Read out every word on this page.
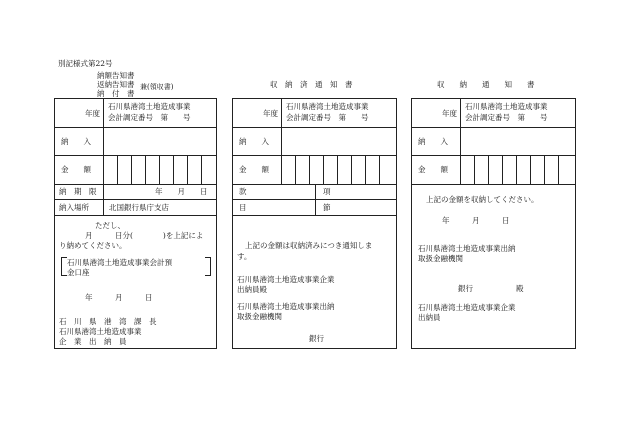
別記様式第22号
納額告知書
返納告知書 兼(領収書)
納　付　書
収　納　済　通　知　書	収　　納　　通　　知　　書
年度
石川県港湾土地造成事業
会計調定番号　第　　号
納　　入
金　　額
納　期　限	年　　月　　日
納入場所	北国銀行県庁支店
ただし、
月　　　日分(　　　　)を上記によ
り納めてください。
石川県港湾土地造成事業会計預
金口座
年　　　月　　　日
石　川　県　港　湾　課　長
石川県港湾土地造成事業
企　業　出　納　員
年度
石川県港湾土地造成事業
会計調定番号　第　　号
納　　入
金　　額
款	項
目	節
上記の金額は収納済みにつき通知しま
す。
石川県港湾土地造成事業企業
出納員殿
石川県港湾土地造成事業出納
取扱金融機関
銀行
年度
石川県港湾土地造成事業
会計調定番号　第　　号
納　　入
金　　額
上記の金額を収納してください。
年　　　月　　　日
石川県港湾土地造成事業出納
取扱金融機関
銀行	殿
石川県港湾土地造成事業企業
出納員
